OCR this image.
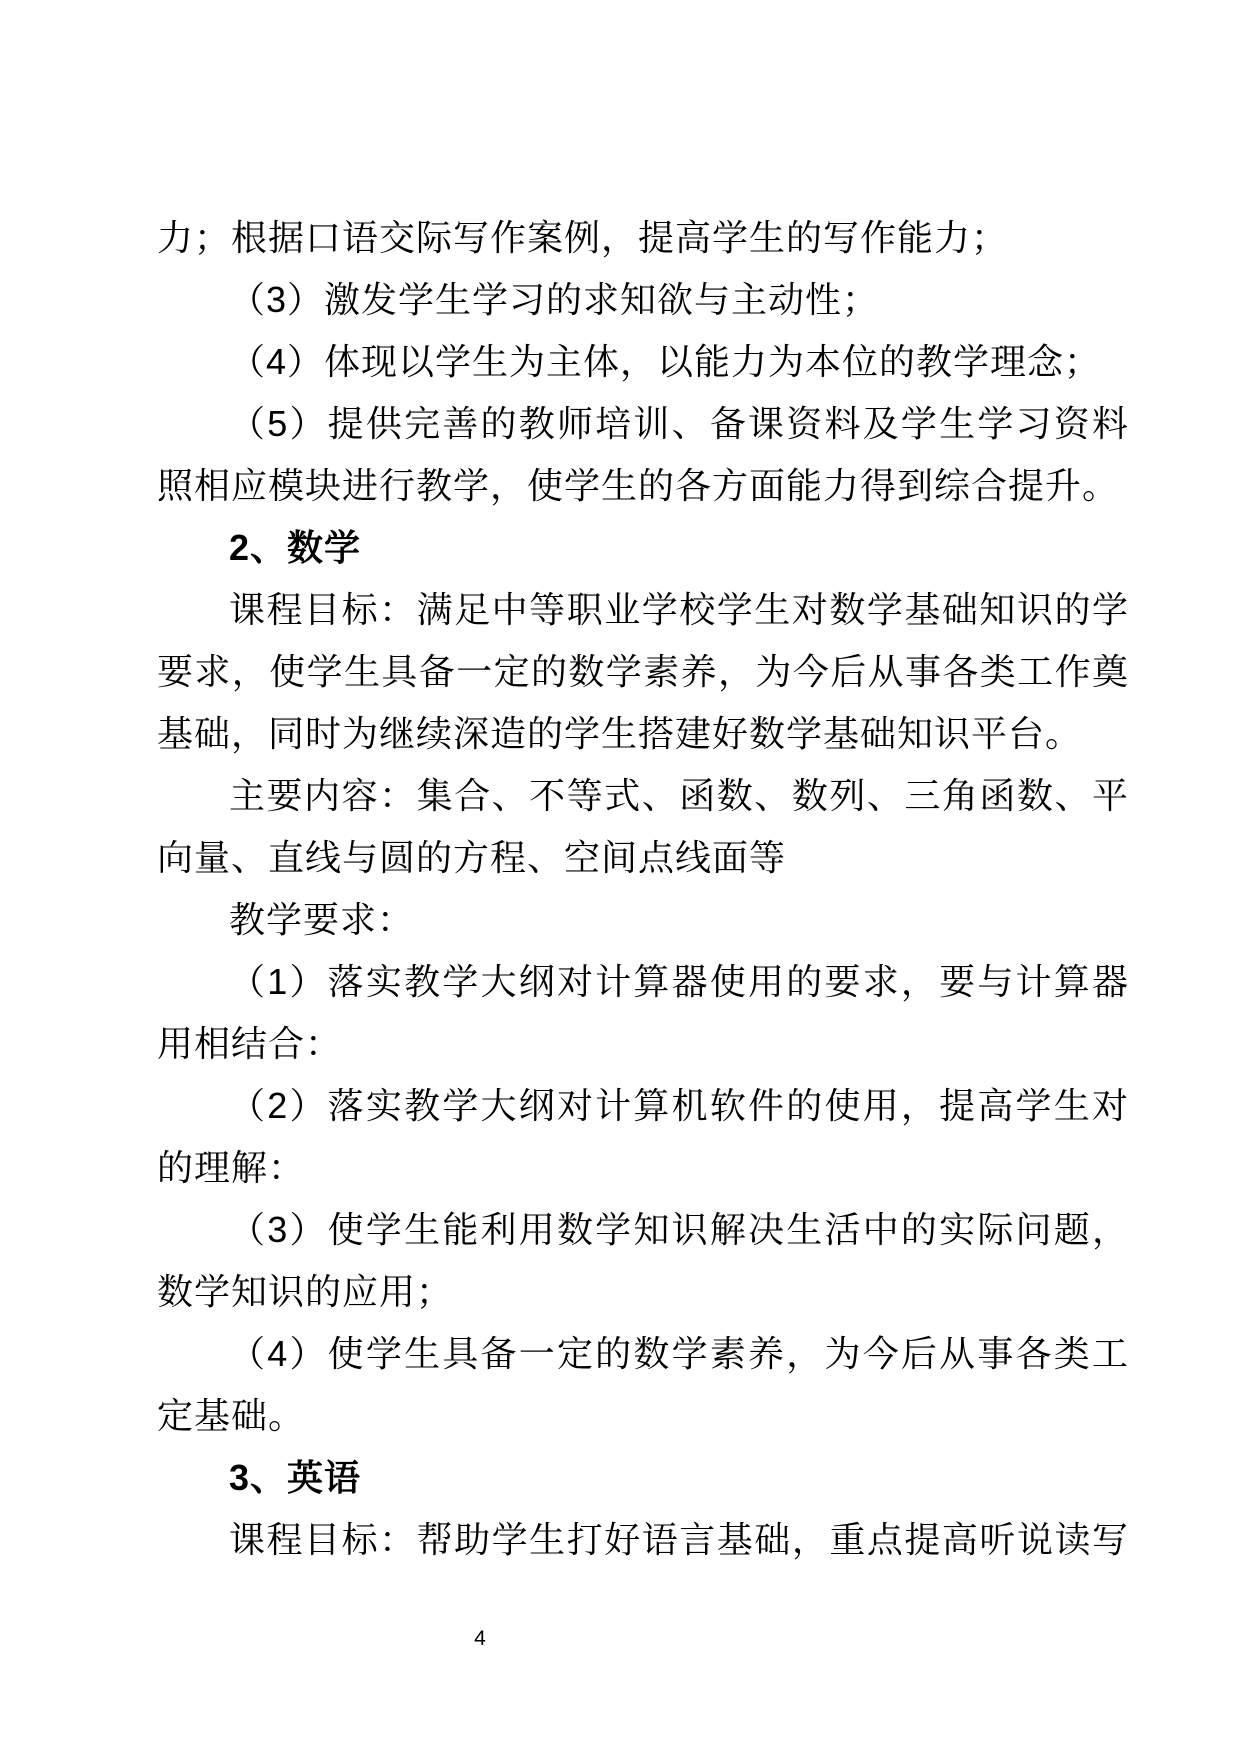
力；根据口语交际写作案例，提高学生的写作能力；
（3）激发学生学习的求知欲与主动性；
（4）体现以学生为主体，以能力为本位的教学理念；
（5）提供完善的教师培训、备课资料及学生学习资料
照相应模块进行教学，使学生的各方面能力得到综合提升。
2、数学
课程目标：满足中等职业学校学生对数学基础知识的学
要求，使学生具备一定的数学素养，为今后从事各类工作奠
基础，同时为继续深造的学生搭建好数学基础知识平台。
主要内容：集合、不等式、函数、数列、三角函数、平
向量、直线与圆的方程、空间点线面等
教学要求：
（1）落实教学大纲对计算器使用的要求，要与计算器
用相结合：
（2）落实教学大纲对计算机软件的使用，提高学生对
的理解：
（3）使学生能利用数学知识解决生活中的实际问题，
数学知识的应用；
（4）使学生具备一定的数学素养，为今后从事各类工
定基础。
3、英语
课程目标：帮助学生打好语言基础，重点提高听说读写
4
